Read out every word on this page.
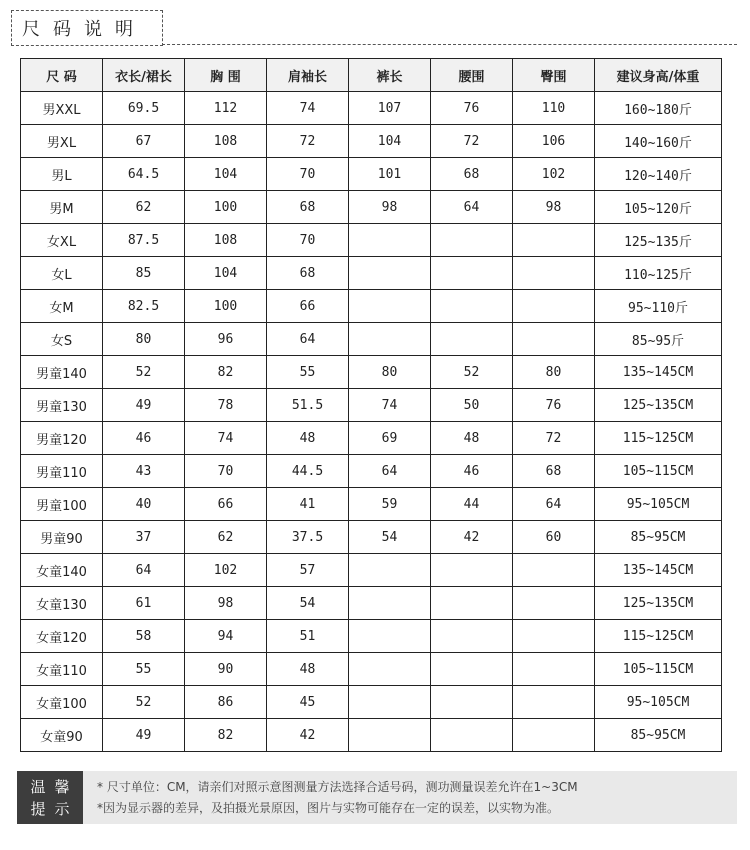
尺码说明
尺 码	衣长/裙长	胸 围	肩袖长	裤长	腰围	臀围	建议身高/体重
男XXL	69.5	112	74	107	76	110	160~180斤
男XL	67	108	72	104	72	106	140~160斤
男L	64.5	104	70	101	68	102	120~140斤
男M	62	100	68	98	64	98	105~120斤
女XL	87.5	108	70				125~135斤
女L	85	104	68				110~125斤
女M	82.5	100	66				95~110斤
女S	80	96	64				85~95斤
男童140	52	82	55	80	52	80	135~145CM
男童130	49	78	51.5	74	50	76	125~135CM
男童120	46	74	48	69	48	72	115~125CM
男童110	43	70	44.5	64	46	68	105~115CM
男童100	40	66	41	59	44	64	95~105CM
男童90	37	62	37.5	54	42	60	85~95CM
女童140	64	102	57				135~145CM
女童130	61	98	54				125~135CM
女童120	58	94	51				115~125CM
女童110	55	90	48				105~115CM
女童100	52	86	45				95~105CM
女童90	49	82	42				85~95CM
温馨
提示
* 尺寸单位：CM，请亲们对照示意图测量方法选择合适号码，测功测量误差允许在1~3CM
*因为显示器的差异，及拍摄光景原因，图片与实物可能存在一定的误差，以实物为准。
